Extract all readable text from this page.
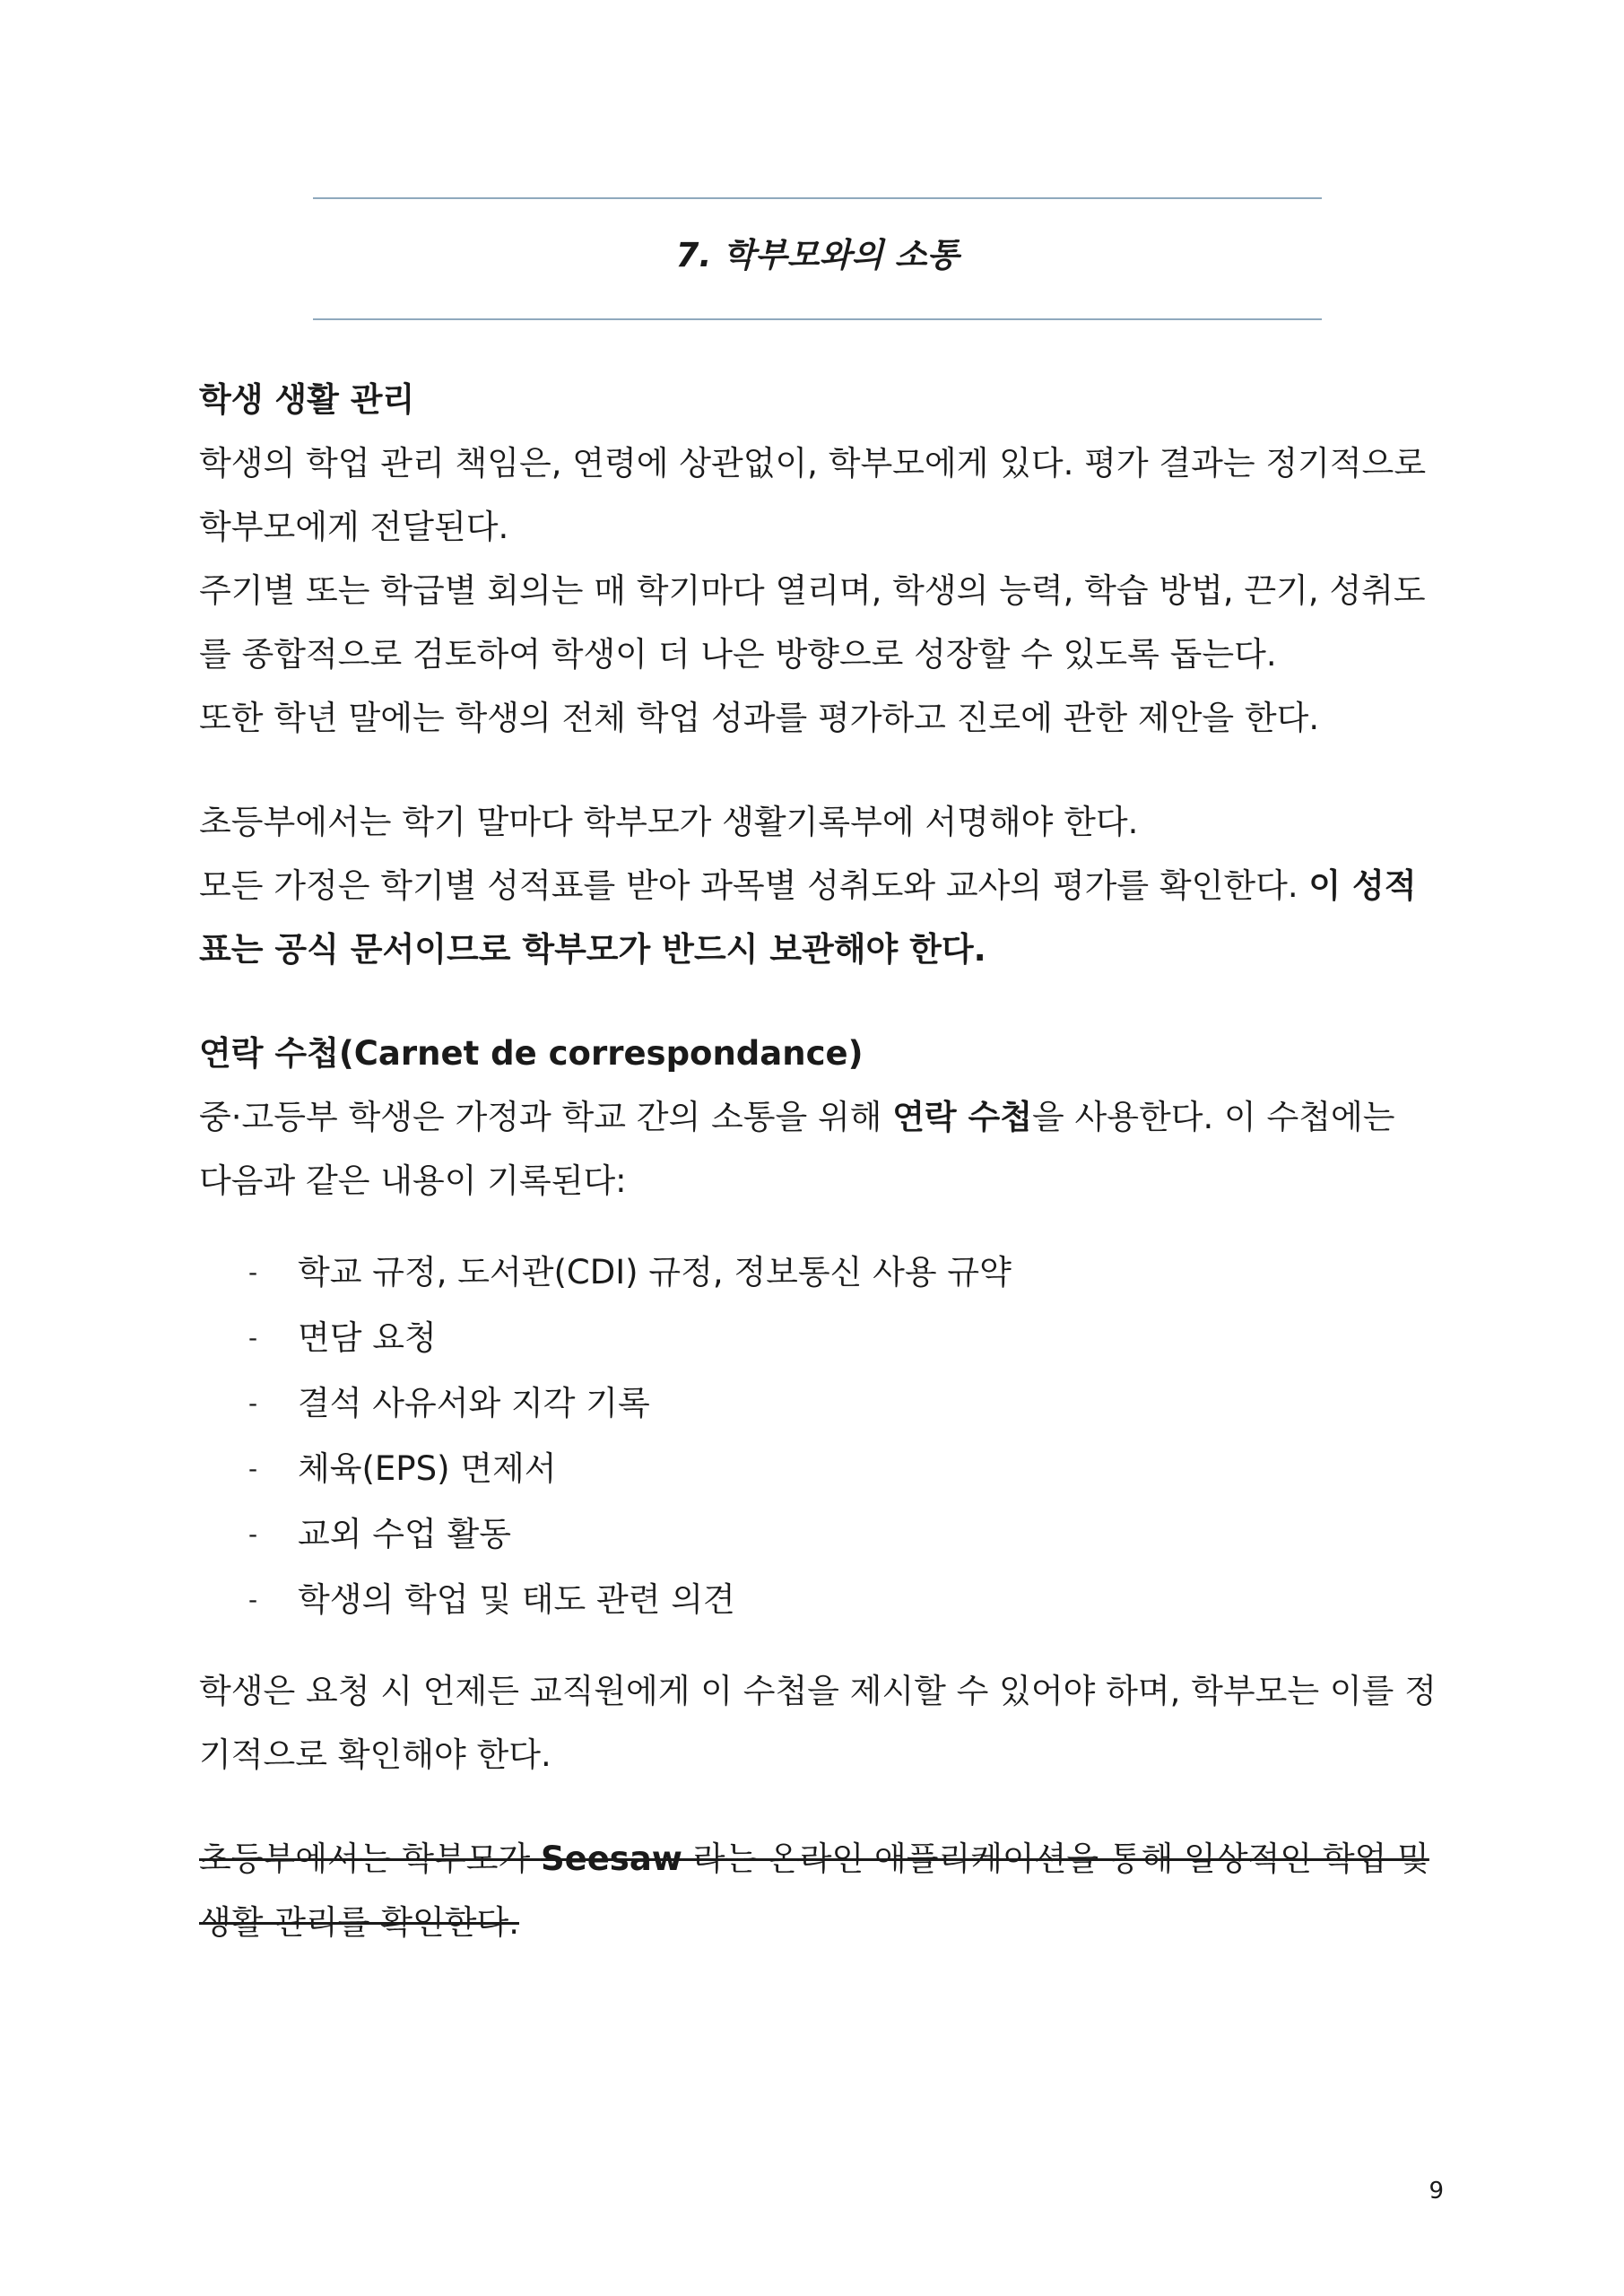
7. 학부모와의 소통

학생 생활 관리

학생의 학업 관리 책임은, 연령에 상관없이, 학부모에게 있다. 평가 결과는 정기적으로 학부모에게 전달된다.

주기별 또는 학급별 회의는 매 학기마다 열리며, 학생의 능력, 학습 방법, 끈기, 성취도를 종합적으로 검토하여 학생이 더 나은 방향으로 성장할 수 있도록 돕는다.

또한 학년 말에는 학생의 전체 학업 성과를 평가하고 진로에 관한 제안을 한다.

초등부에서는 학기 말마다 학부모가 생활기록부에 서명해야 한다.

모든 가정은 학기별 성적표를 받아 과목별 성취도와 교사의 평가를 확인한다. 이 성적표는 공식 문서이므로 학부모가 반드시 보관해야 한다.

연락 수첩(Carnet de correspondance)

중·고등부 학생은 가정과 학교 간의 소통을 위해 연락 수첩을 사용한다. 이 수첩에는 다음과 같은 내용이 기록된다:

- 학교 규정, 도서관(CDI) 규정, 정보통신 사용 규약
- 면담 요청
- 결석 사유서와 지각 기록
- 체육(EPS) 면제서
- 교외 수업 활동
- 학생의 학업 및 태도 관련 의견

학생은 요청 시 언제든 교직원에게 이 수첩을 제시할 수 있어야 하며, 학부모는 이를 정기적으로 확인해야 한다.

초등부에서는 학부모가 Seesaw 라는 온라인 애플리케이션을 통해 일상적인 학업 및 생활 관리를 확인한다.

9
